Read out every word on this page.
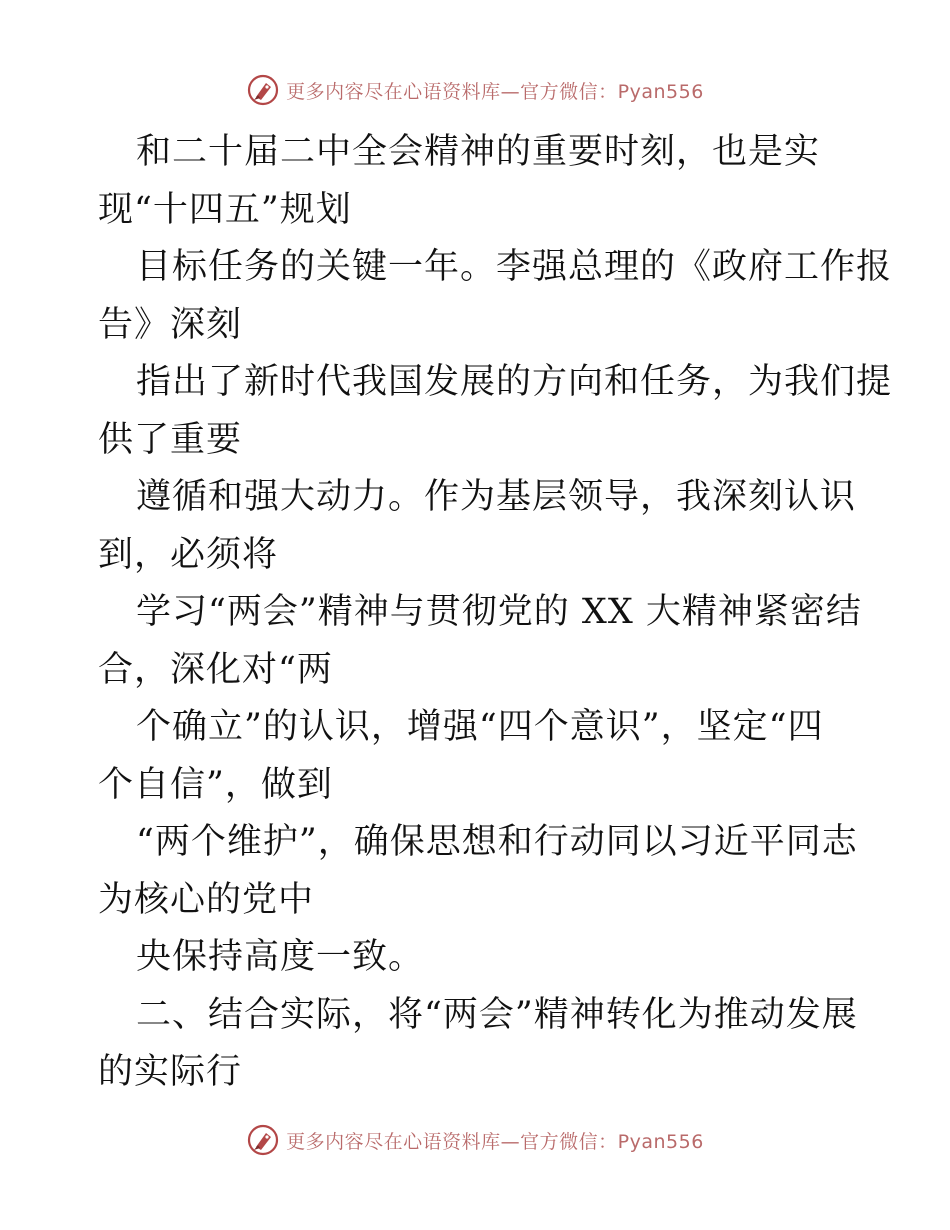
更多内容尽在心语资料库—官方微信：Pyan556
和二十届二中全会精神的重要时刻，也是实
现“十四五”规划
目标任务的关键一年。李强总理的《政府工作报
告》深刻
指出了新时代我国发展的方向和任务，为我们提
供了重要
遵循和强大动力。作为基层领导，我深刻认识
到，必须将
学习“两会”精神与贯彻党的 XX 大精神紧密结
合，深化对“两
个确立”的认识，增强“四个意识”，坚定“四
个自信”，做到
“两个维护”，确保思想和行动同以习近平同志
为核心的党中
央保持高度一致。
二、结合实际，将“两会”精神转化为推动发展
的实际行
更多内容尽在心语资料库—官方微信：Pyan556
